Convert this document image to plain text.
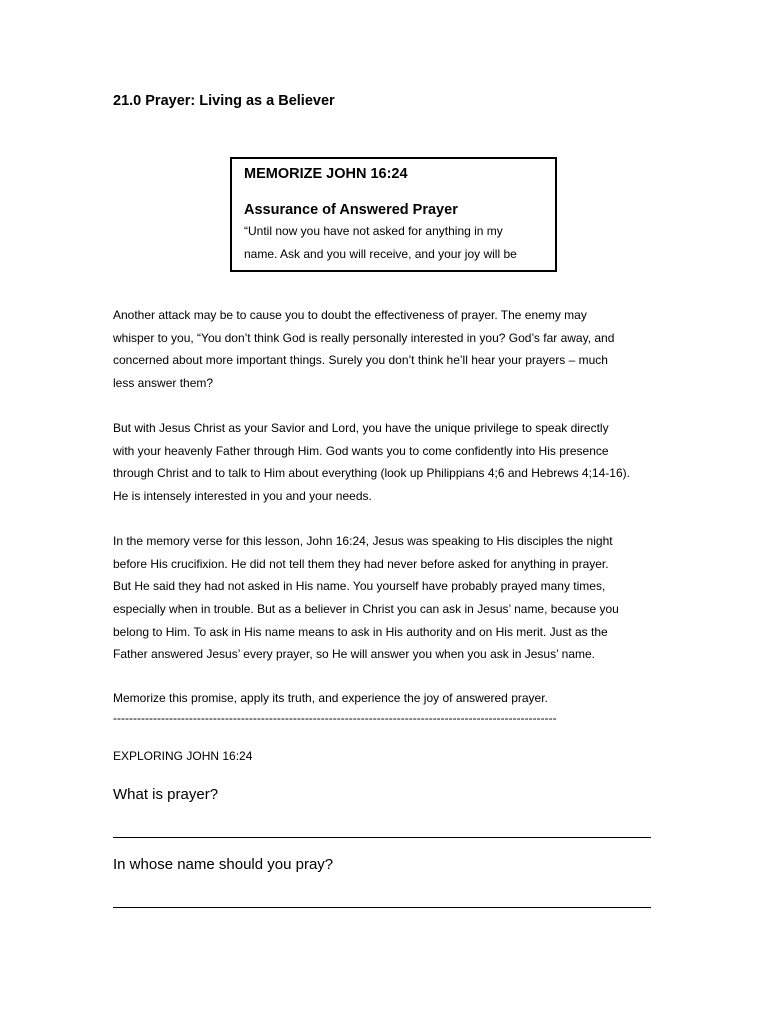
21.0 Prayer: Living as a Believer
MEMORIZE JOHN 16:24
Assurance of Answered Prayer
“Until now you have not asked for anything in my
name. Ask and you will receive, and your joy will be
Another attack may be to cause you to doubt the effectiveness of prayer. The enemy may
whisper to you, “You don’t think God is really personally interested in you? God’s far away, and
concerned about more important things. Surely you don’t think he’ll hear your prayers – much
less answer them?
But with Jesus Christ as your Savior and Lord, you have the unique privilege to speak directly
with your heavenly Father through Him. God wants you to come confidently into His presence
through Christ and to talk to Him about everything (look up Philippians 4;6 and Hebrews 4;14-16).
He is intensely interested in you and your needs.
In the memory verse for this lesson, John 16:24, Jesus was speaking to His disciples the night
before His crucifixion. He did not tell them they had never before asked for anything in prayer.
But He said they had not asked in His name. You yourself have probably prayed many times,
especially when in trouble. But as a believer in Christ you can ask in Jesus’ name, because you
belong to Him. To ask in His name means to ask in His authority and on His merit. Just as the
Father answered Jesus’ every prayer, so He will answer you when you ask in Jesus’ name.
Memorize this promise, apply its truth, and experience the joy of answered prayer.
---------------------------------------------------------------------------------------------------------------
EXPLORING JOHN 16:24
What is prayer?
In whose name should you pray?
